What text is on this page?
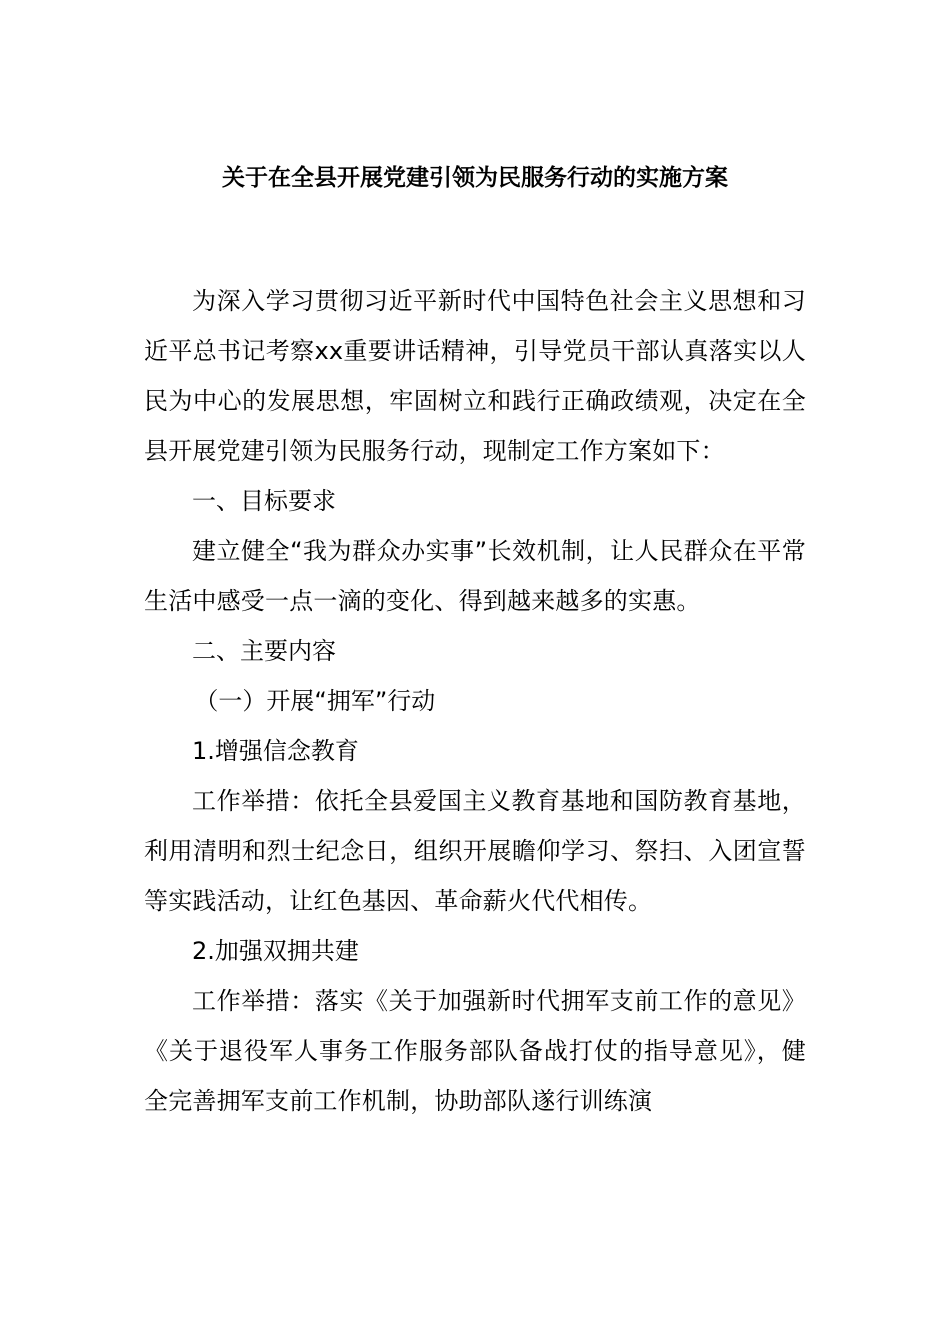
关于在全县开展党建引领为民服务行动的实施方案

为深入学习贯彻习近平新时代中国特色社会主义思想和习近平总书记考察xx重要讲话精神，引导党员干部认真落实以人民为中心的发展思想，牢固树立和践行正确政绩观，决定在全县开展党建引领为民服务行动，现制定工作方案如下：

一、目标要求

建立健全“我为群众办实事”长效机制，让人民群众在平常生活中感受一点一滴的变化、得到越来越多的实惠。

二、主要内容

（一）开展“拥军”行动

1.增强信念教育

工作举措：依托全县爱国主义教育基地和国防教育基地，利用清明和烈士纪念日，组织开展瞻仰学习、祭扫、入团宣誓等实践活动，让红色基因、革命薪火代代相传。

2.加强双拥共建

工作举措：落实《关于加强新时代拥军支前工作的意见》《关于退役军人事务工作服务部队备战打仗的指导意见》，健全完善拥军支前工作机制，协助部队遂行训练演
